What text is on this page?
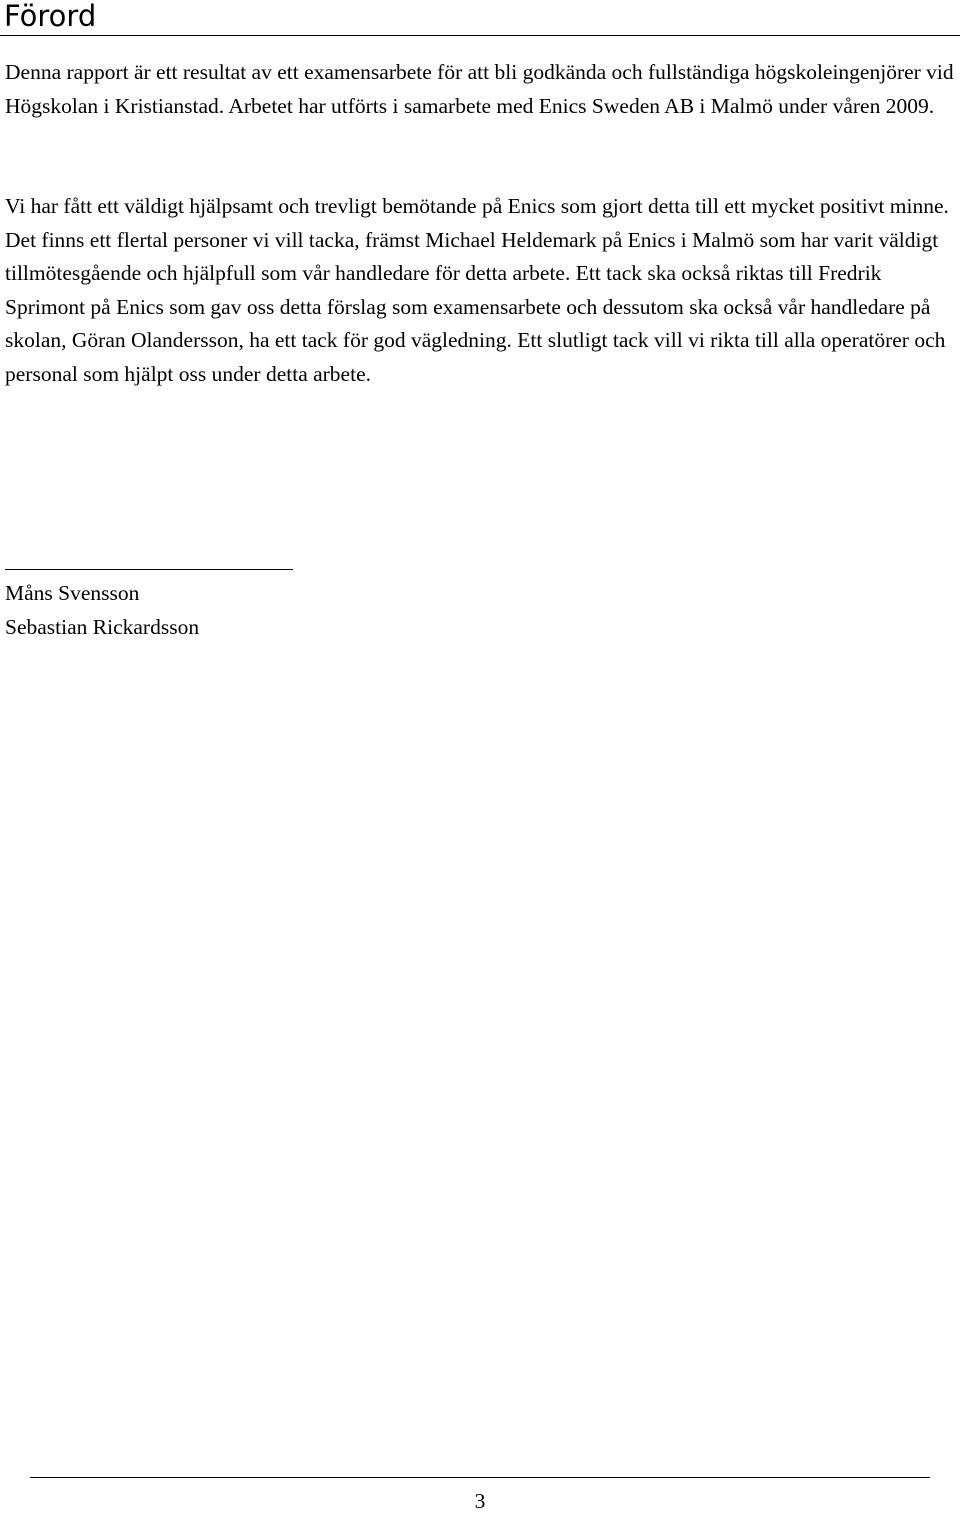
Förord

Denna rapport är ett resultat av ett examensarbete för att bli godkända och fullständiga högskoleingenjörer vid Högskolan i Kristianstad. Arbetet har utförts i samarbete med Enics Sweden AB i Malmö under våren 2009.

Vi har fått ett väldigt hjälpsamt och trevligt bemötande på Enics som gjort detta till ett mycket positivt minne. Det finns ett flertal personer vi vill tacka, främst Michael Heldemark på Enics i Malmö som har varit väldigt tillmötesgående och hjälpfull som vår handledare för detta arbete. Ett tack ska också riktas till Fredrik Sprimont på Enics som gav oss detta förslag som examensarbete och dessutom ska också vår handledare på skolan, Göran Olandersson, ha ett tack för god vägledning. Ett slutligt tack vill vi rikta till alla operatörer och personal som hjälpt oss under detta arbete.

Måns Svensson

Sebastian Rickardsson

3
